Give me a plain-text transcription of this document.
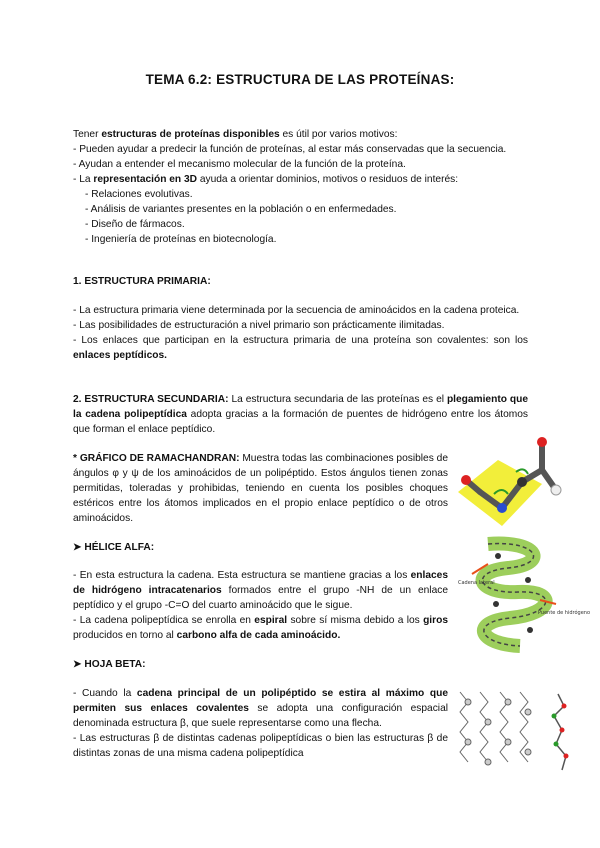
TEMA 6.2: ESTRUCTURA DE LAS PROTEÍNAS:

Tener estructuras de proteínas disponibles es útil por varios motivos:

- Pueden ayudar a predecir la función de proteínas, al estar más conservadas que la secuencia.

- Ayudan a entender el mecanismo molecular de la función de la proteína.

- La representación en 3D ayuda a orientar dominios, motivos o residuos de interés:

- Relaciones evolutivas.

- Análisis de variantes presentes en la población o en enfermedades.

- Diseño de fármacos.

- Ingeniería de proteínas en biotecnología.

1. ESTRUCTURA PRIMARIA:

- La estructura primaria viene determinada por la secuencia de aminoácidos en la cadena proteica.

- Las posibilidades de estructuración a nivel primario son prácticamente ilimitadas.

- Los enlaces que participan en la estructura primaria de una proteína son covalentes: son los enlaces peptídicos.

2. ESTRUCTURA SECUNDARIA: La estructura secundaria de las proteínas es el plegamiento que la cadena polipeptídica adopta gracias a la formación de puentes de hidrógeno entre los átomos que forman el enlace peptídico.

* GRÁFICO DE RAMACHANDRAN: Muestra todas las combinaciones posibles de ángulos φ y ψ de los aminoácidos de un polipéptido. Estos ángulos tienen zonas permitidas, toleradas y prohibidas, teniendo en cuenta los posibles choques estéricos entre los átomos implicados en el propio enlace peptídico o de otros aminoácidos.

➤ HÉLICE ALFA:

- En esta estructura la cadena. Esta estructura se mantiene gracias a los enlaces de hidrógeno intracatenarios formados entre el grupo -NH de un enlace peptídico y el grupo -C=O del cuarto aminoácido que le sigue.

- La cadena polipeptídica se enrolla en espiral sobre sí misma debido a los giros producidos en torno al carbono alfa de cada aminoácido.

Cadena lateral
Puente de hidrógeno

➤ HOJA BETA:

- Cuando la cadena principal de un polipéptido se estira al máximo que permiten sus enlaces covalentes se adopta una configuración espacial denominada estructura β, que suele representarse como una flecha.

- Las estructuras β de distintas cadenas polipeptídicas o bien las estructuras β de distintas zonas de una misma cadena polipeptídica
